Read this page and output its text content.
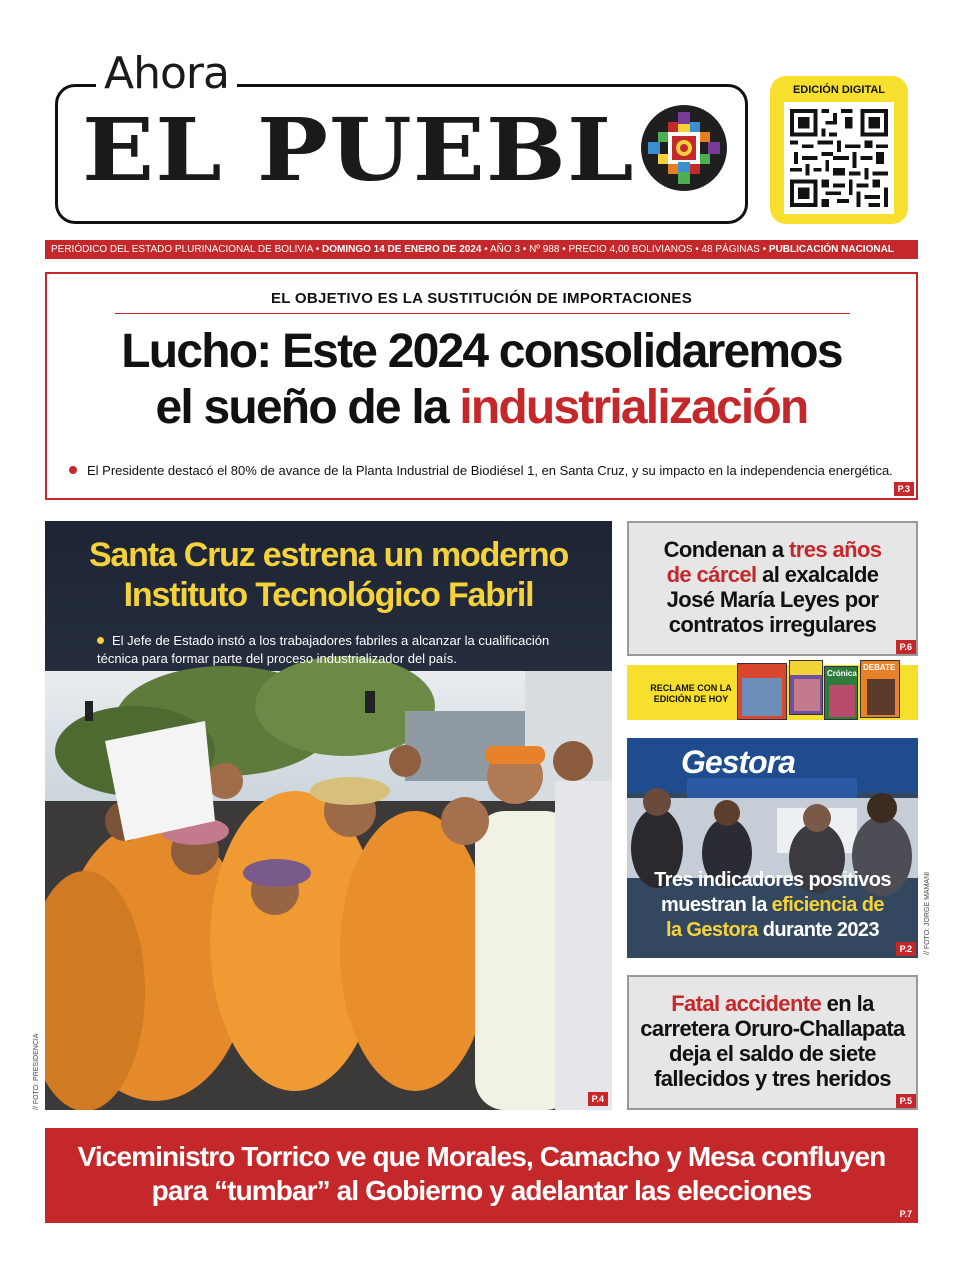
Ahora
EL PUEBL
EDICIÓN DIGITAL
PERIÓDICO DEL ESTADO PLURINACIONAL DE BOLIVIA • DOMINGO 14 DE ENERO DE 2024 • AÑO 3 • Nº 988 • PRECIO 4,00 BOLIVIANOS • 48 PÁGINAS • PUBLICACIÓN NACIONAL
EL OBJETIVO ES LA SUSTITUCIÓN DE IMPORTACIONES
Lucho: Este 2024 consolidaremos
el sueño de la industrialización
El Presidente destacó el 80% de avance de la Planta Industrial de Biodiésel 1, en Santa Cruz, y su impacto en la independencia energética.
P.3
Santa Cruz estrena un moderno
Instituto Tecnológico Fabril
El Jefe de Estado instó a los trabajadores fabriles a alcanzar la cualificación técnica para formar parte del proceso industrializador del país.
P.4
// FOTO: PRESIDENCIA
Condenan a tres años
de cárcel al exalcalde
José María Leyes por
contratos irregulares
P.6
RECLAME CON LA EDICIÓN DE HOY
Crónica
DEBATE
Gestora
Tres indicadores positivos
muestran la eficiencia de
la Gestora durante 2023
P.2	// FOTO: JORGE MAMANI
Fatal accidente en la
carretera Oruro-Challapata
deja el saldo de siete
fallecidos y tres heridos
P.5
Viceministro Torrico ve que Morales, Camacho y Mesa confluyen
para “tumbar” al Gobierno y adelantar las elecciones
P.7
